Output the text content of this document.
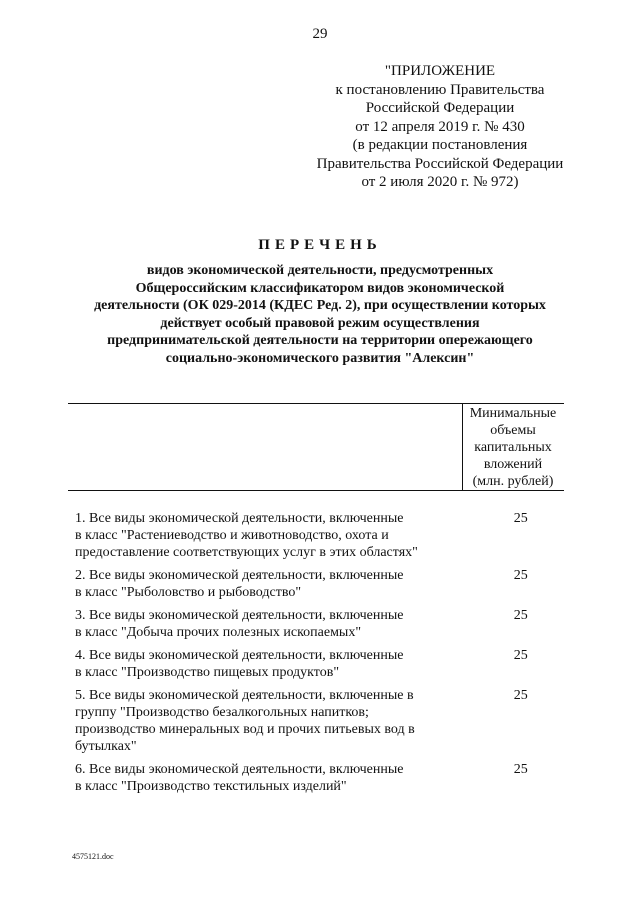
29
"ПРИЛОЖЕНИЕ
к постановлению Правительства
Российской Федерации
от 12 апреля 2019 г. № 430
(в редакции постановления
Правительства Российской Федерации
от 2 июля 2020 г. № 972)
ПЕРЕЧЕНЬ
видов экономической деятельности, предусмотренных
Общероссийским классификатором видов экономической
деятельности (ОК 029-2014 (КДЕС Ред. 2), при осуществлении которых
действует особый правовой режим осуществления
предпринимательской деятельности на территории опережающего
социально-экономического развития "Алексин"
Минимальные
объемы
капитальных
вложений
(млн. рублей)
1. Все виды экономической деятельности, включенные
в класс "Растениеводство и животноводство, охота и
предоставление соответствующих услуг в этих областях"
25
2. Все виды экономической деятельности, включенные
в класс "Рыболовство и рыбоводство"
25
3. Все виды экономической деятельности, включенные
в класс "Добыча прочих полезных ископаемых"
25
4. Все виды экономической деятельности, включенные
в класс "Производство пищевых продуктов"
25
5. Все виды экономической деятельности, включенные в
группу "Производство безалкогольных напитков;
производство минеральных вод и прочих питьевых вод в
бутылках"
25
6. Все виды экономической деятельности, включенные
в класс "Производство текстильных изделий"
25
4575121.doc
